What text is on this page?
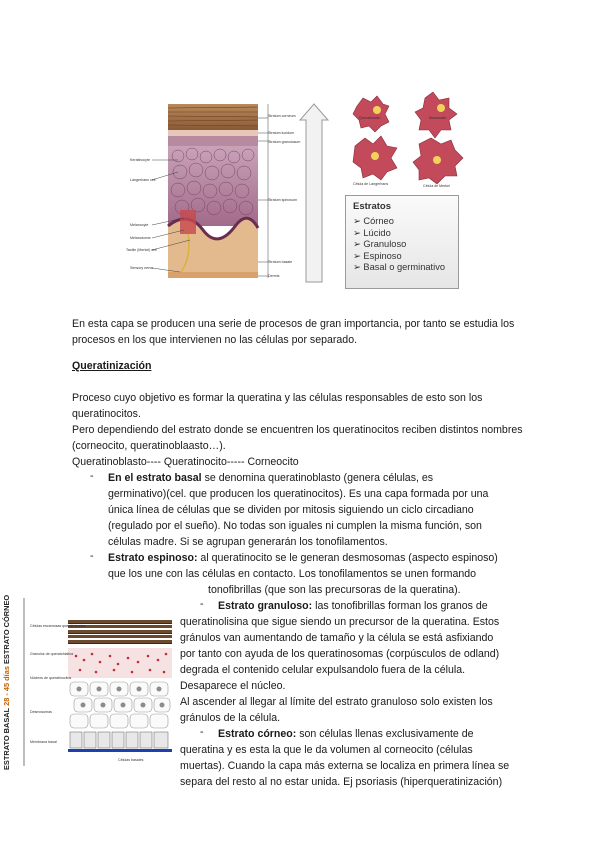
Stratum corneum
Stratum lucidum
Stratum granulosum
Stratum spinosum
Stratum basale
Dermis
Keratinocyte
Langerhans cell
Melanocyte
Melanosome
Tactile (Merkel) cell
Sensory nerve
Queratinocito	Melanocito
Célula de Langerhans	Célula de Merkel
Estratos
➢ Córneo
➢ Lúcido
➢ Granuloso
➢ Espinoso
➢ Basal o germinativo
En esta capa se producen una serie de procesos de gran importancia, por tanto se estudia los procesos en los que intervienen no las células por separado.
Queratinización
Proceso cuyo objetivo es formar la queratina y las células responsables de esto son los queratinocitos.
Pero dependiendo del estrato donde se encuentren los queratinocitos reciben distintos nombres (corneocito, queratinoblaasto…).
Queratinoblasto---- Queratinocito----- Corneocito
- En el estrato basal se denomina queratinoblasto (genera células, es
germinativo)(cel. que producen los queratinocitos). Es una capa formada por una
única línea de células que se dividen por mitosis siguiendo un ciclo circadiano
(regulado por el sueño). No todas son iguales ni cumplen la misma función, son
células madre. Si se agrupan generarán los tonofilamentos.
- Estrato espinoso: al queratinocito se le generan desmosomas (aspecto espinoso)
que los une con las células en contacto. Los tonofilamentos se unen formando
tonofibrillas (que son las precursoras de la queratina).
- Estrato granuloso: las tonofibrillas forman los granos de
queratinolisina que sigue siendo un precursor de la queratina. Estos
gránulos van aumentando de tamaño y la célula se está asfixiando
por tanto con ayuda de los queratinosomas (corpúsculos de odland)
degrada el contenido celular expulsandolo fuera de la célula.
Desaparece el núcleo.
Al ascender al llegar al límite del estrato granuloso solo existen los
gránulos de la célula.
- Estrato córneo: son células llenas exclusivamente de
queratina y es esta la que le da volumen al corneocito (células
muertas). Cuando la capa más externa se localiza en primera línea se
separa del resto al no estar unida. Ej psoriasis (hiperqueratinización)
ESTRATO BASAL 28 - 45 días ESTRATO CÓRNEO	Células escamosas queratinizadas
Gránulos de queratohialina
Núcleos de queratinocitos
Desmosomas
Membrana basal
Células basales
